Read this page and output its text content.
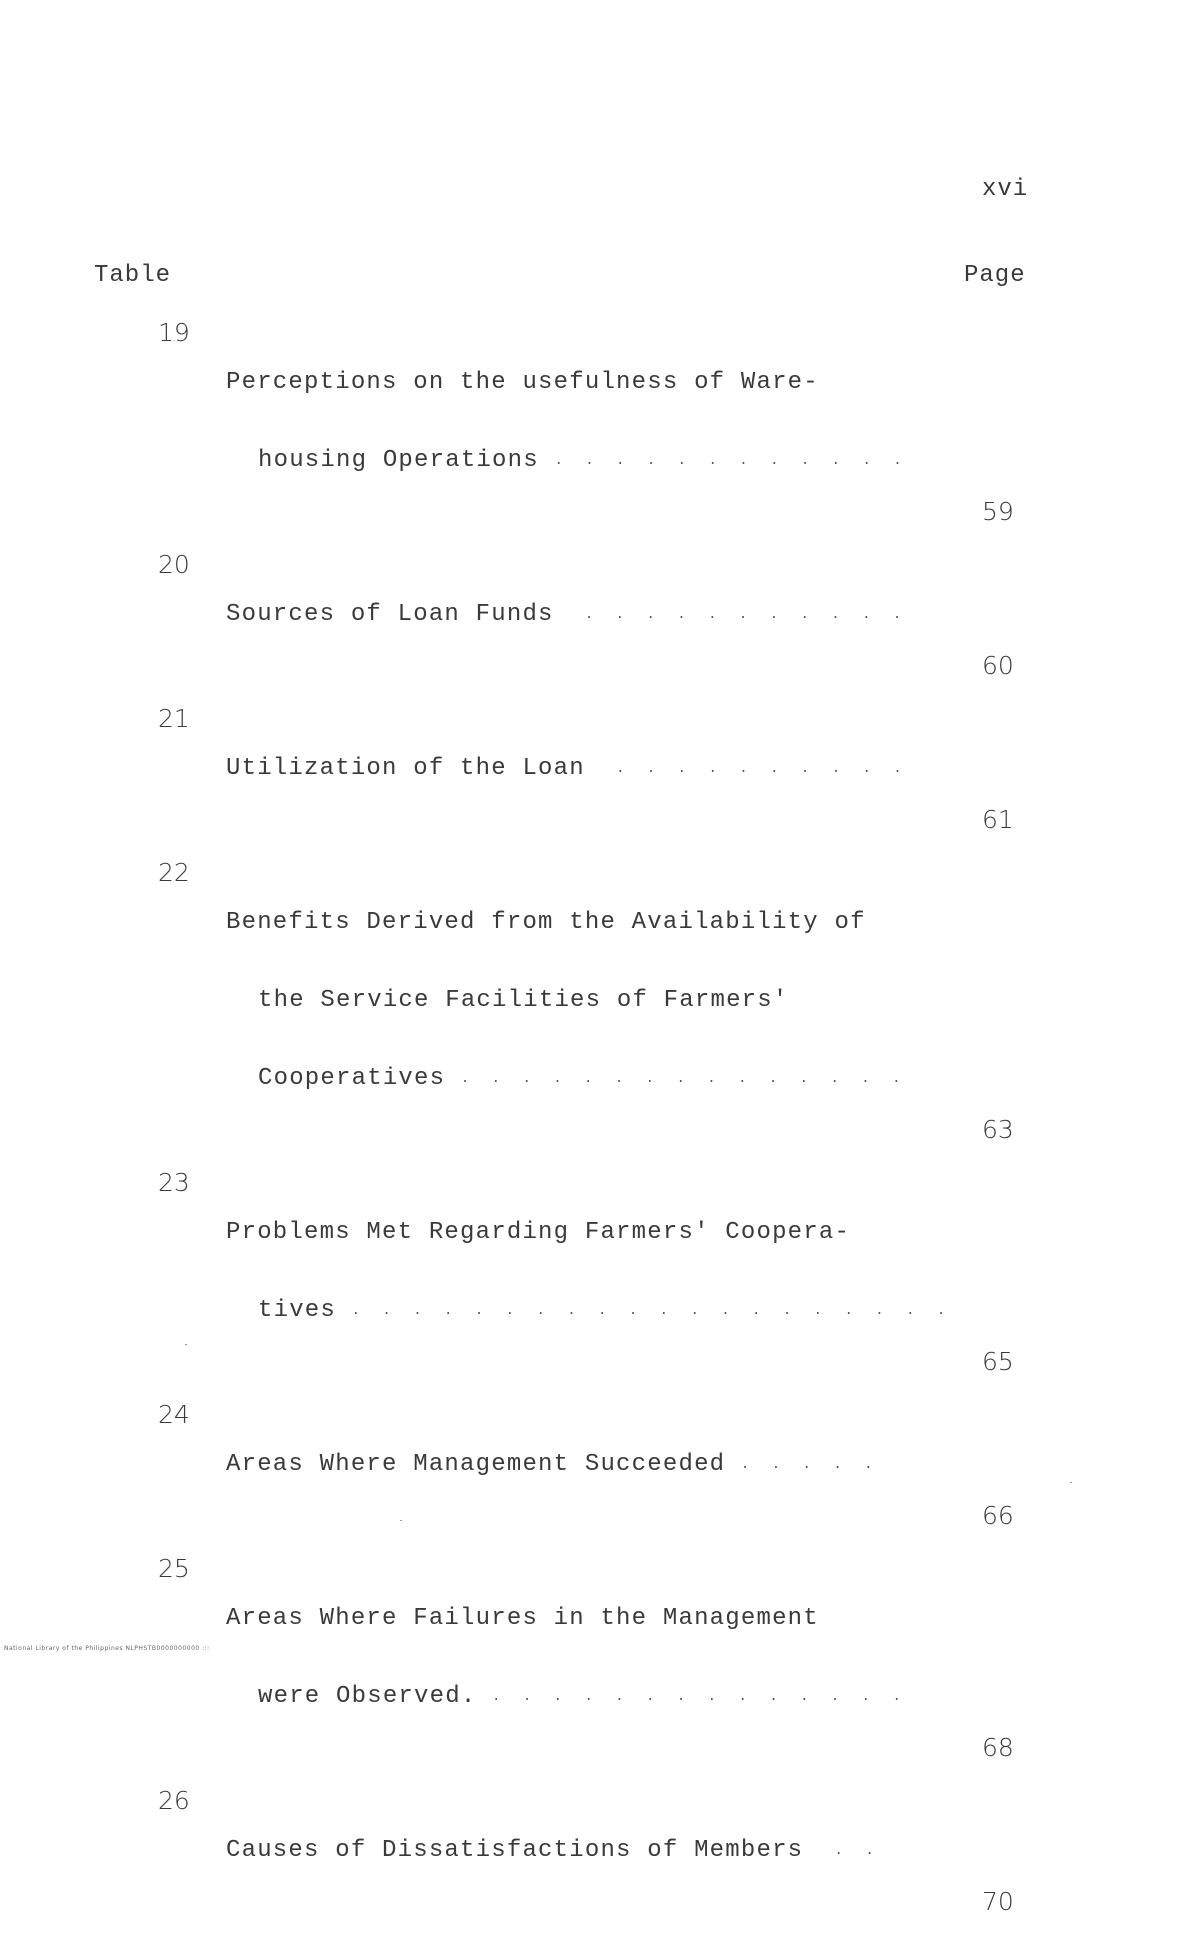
xvi
Table	Page
19

Perceptions on the usefulness of Ware-

housing Operations . . . . . . . . . . . .

59
20

Sources of Loan Funds . . . . . . . . . . .

60
21

Utilization of the Loan . . . . . . . . . .

61
22

Benefits Derived from the Availability of

the Service Facilities of Farmers'

Cooperatives . . . . . . . . . . . . . . .

63
23

Problems Met Regarding Farmers' Coopera-

tives . . . . . . . . . . . . . . . . . . . .

65
24

Areas Where Management Succeeded . . . . .

66
25

Areas Where Failures in the Management

were Observed. . . . . . . . . . . . . . .

68
26

Causes of Dissatisfactions of Members . .

70
National Library of the Philippines NLPHSTB0000000000 :::
